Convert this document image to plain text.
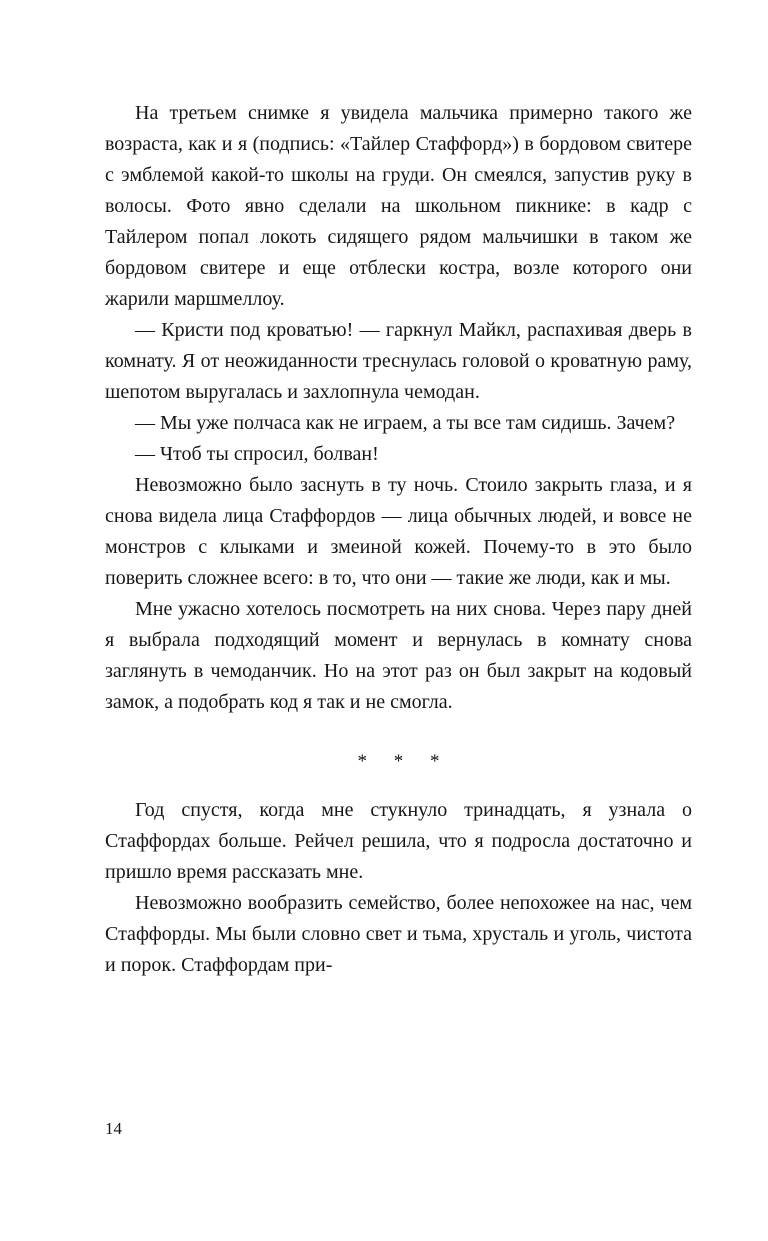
На третьем снимке я увидела мальчика примерно такого же возраста, как и я (подпись: «Тайлер Стаффорд») в бордовом свитере с эмблемой какой-то школы на груди. Он смеялся, запустив руку в волосы. Фото явно сделали на школьном пикнике: в кадр с Тайлером попал локоть сидящего рядом мальчишки в таком же бордовом свитере и еще отблески костра, возле которого они жарили маршмеллоу.

— Кристи под кроватью! — гаркнул Майкл, распахивая дверь в комнату. Я от неожиданности треснулась головой о кроватную раму, шепотом выругалась и захлопнула чемодан.

— Мы уже полчаса как не играем, а ты все там сидишь. Зачем?

— Чтоб ты спросил, болван!

Невозможно было заснуть в ту ночь. Стоило закрыть глаза, и я снова видела лица Стаффордов — лица обычных людей, и вовсе не монстров с клыками и змеиной кожей. Почему-то в это было поверить сложнее всего: в то, что они — такие же люди, как и мы.

Мне ужасно хотелось посмотреть на них снова. Через пару дней я выбрала подходящий момент и вернулась в комнату снова заглянуть в чемоданчик. Но на этот раз он был закрыт на кодовый замок, а подобрать код я так и не смогла.

* * *

Год спустя, когда мне стукнуло тринадцать, я узнала о Стаффордах больше. Рейчел решила, что я подросла достаточно и пришло время рассказать мне.

Невозможно вообразить семейство, более непохожее на нас, чем Стаффорды. Мы были словно свет и тьма, хрусталь и уголь, чистота и порок. Стаффордам при-

14
